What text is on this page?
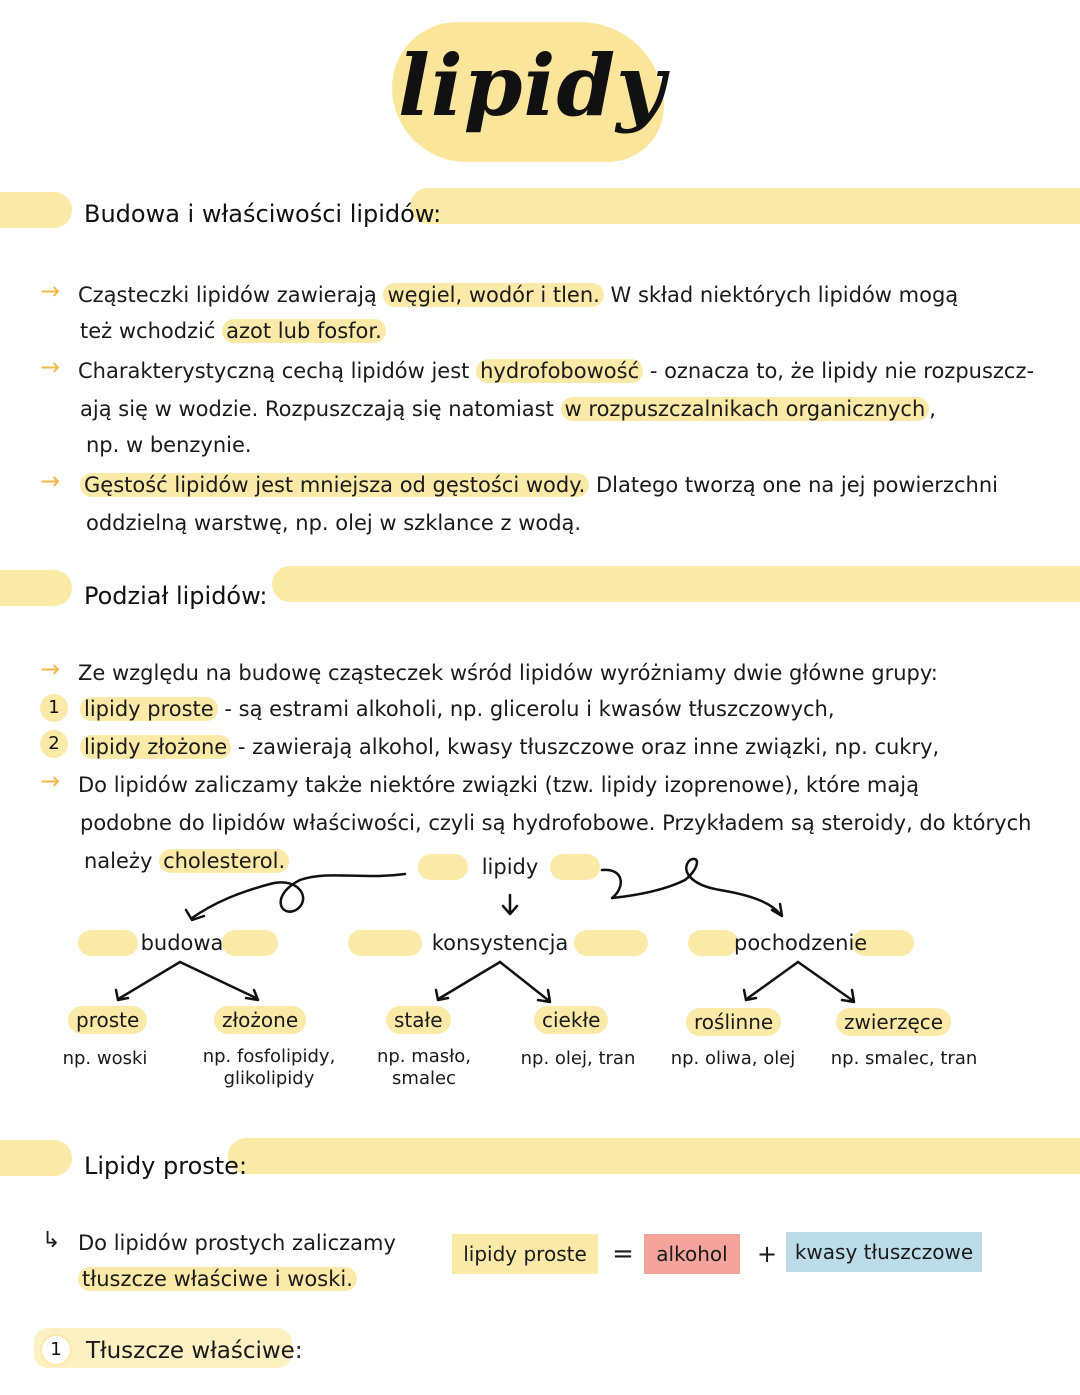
lipidy
Budowa i właściwości lipidów:
→ Cząsteczki lipidów zawierają węgiel, wodór i tlen. W skład niektórych lipidów mogą
też wchodzić azot lub fosfor.
→ Charakterystyczną cechą lipidów jest hydrofobowość - oznacza to, że lipidy nie rozpuszcz-
ają się w wodzie. Rozpuszczają się natomiast w rozpuszczalnikach organicznych ,
np. w benzynie.
→ Gęstość lipidów jest mniejsza od gęstości wody. Dlatego tworzą one na jej powierzchni
oddzielną warstwę, np. olej w szklance z wodą.
Podział lipidów:
→ Ze względu na budowę cząsteczek wśród lipidów wyróżniamy dwie główne grupy:
1	lipidy proste - są estrami alkoholi, np. glicerolu i kwasów tłuszczowych,
2	lipidy złożone - zawierają alkohol, kwasy tłuszczowe oraz inne związki, np. cukry,
→ Do lipidów zaliczamy także niektóre związki (tzw. lipidy izoprenowe), które mają
podobne do lipidów właściwości, czyli są hydrofobowe. Przykładem są steroidy, do których
należy cholesterol.	lipidy
budowa	konsystencja	pochodzenie
proste	złożone	stałe	ciekłe	roślinne	zwierzęce
np. woski	np. fosfolipidy, glikolipidy
np. masło, smalec
np. olej, tran np. oliwa, olej	np. smalec, tran
Lipidy proste:
↳ Do lipidów prostych zaliczamy
tłuszcze właściwe i woski.
lipidy proste =	alkohol	+ kwasy tłuszczowe
1	Tłuszcze właściwe:
